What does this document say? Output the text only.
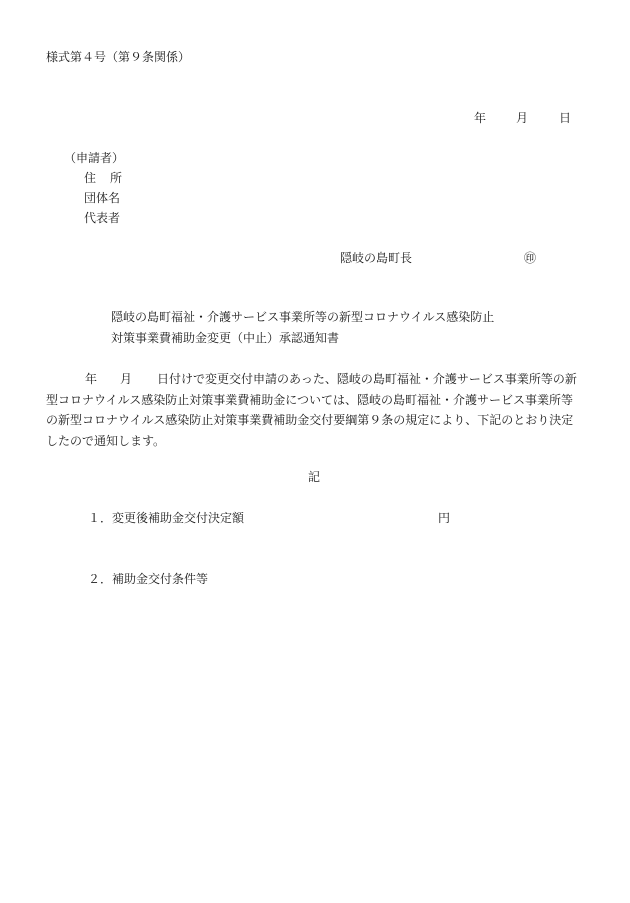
様式第４号（第９条関係）
年 月	日
（申請者）
住　所
団体名
代表者
隠岐の島町長	㊞
隠岐の島町福祉・介護サービス事業所等の新型コロナウイルス感染防止
対策事業費補助金変更（中止）承認通知書
年 月 日付けで変更交付申請のあった、隠岐の島町福祉・介護サービス事業所等の新
型コロナウイルス感染防止対策事業費補助金については、隠岐の島町福祉・介護サービス事業所等
の新型コロナウイルス感染防止対策事業費補助金交付要綱第９条の規定により、下記のとおり決定
したので通知します。
記
１．変更後補助金交付決定額	円
２．補助金交付条件等
